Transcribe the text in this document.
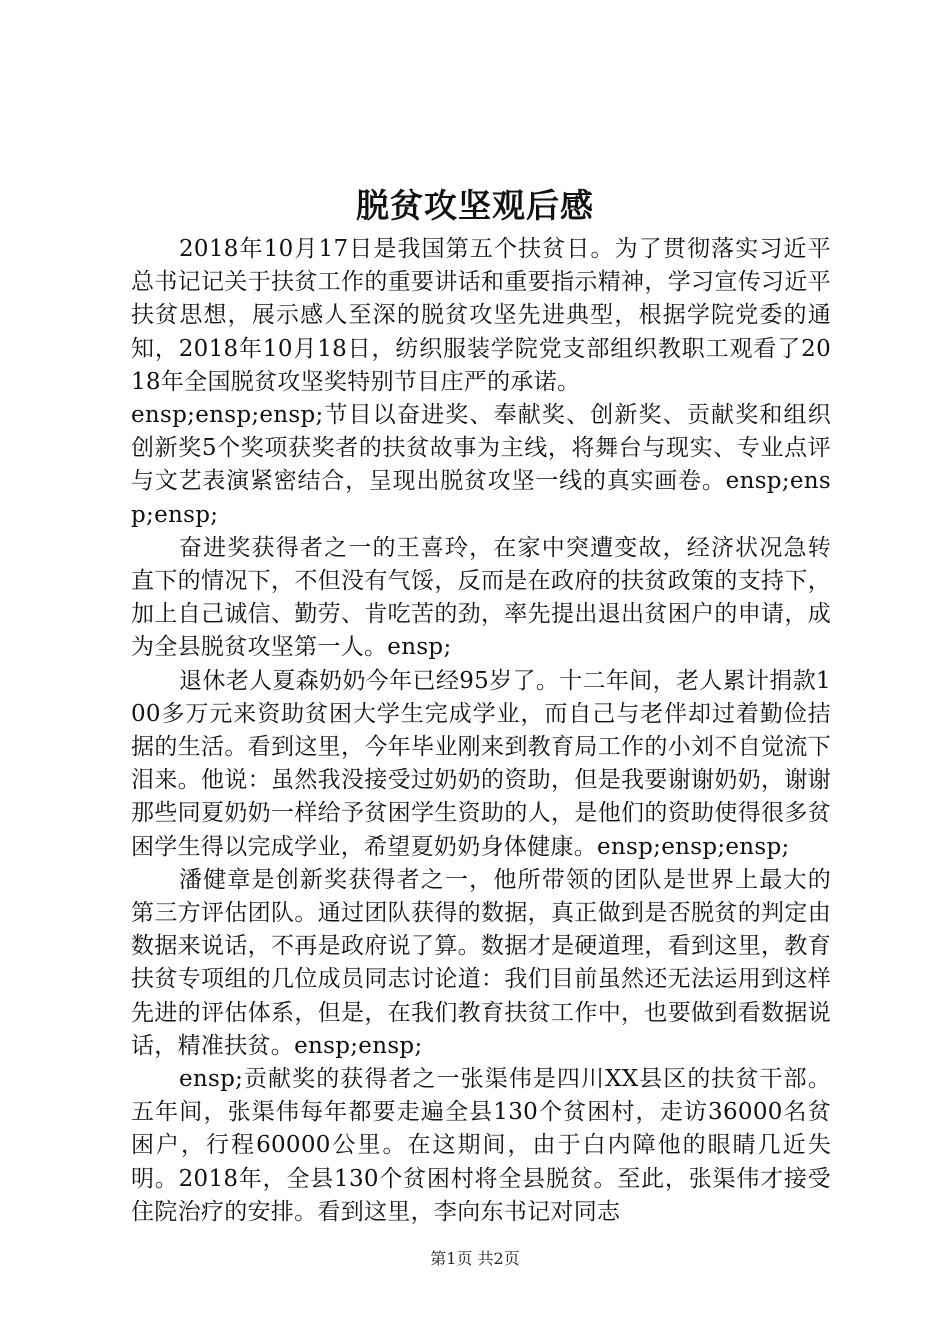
脱贫攻坚观后感

2018年10月17日是我国第五个扶贫日。为了贯彻落实习近平总书记记关于扶贫工作的重要讲话和重要指示精神，学习宣传习近平扶贫思想，展示感人至深的脱贫攻坚先进典型，根据学院党委的通知，2018年10月18日，纺织服装学院党支部组织教职工观看了2018年全国脱贫攻坚奖特别节目庄严的承诺。

ensp;ensp;ensp;节目以奋进奖、奉献奖、创新奖、贡献奖和组织创新奖5个奖项获奖者的扶贫故事为主线，将舞台与现实、专业点评与文艺表演紧密结合，呈现出脱贫攻坚一线的真实画卷。ensp;ensp;ensp;

奋进奖获得者之一的王喜玲，在家中突遭变故，经济状况急转直下的情况下，不但没有气馁，反而是在政府的扶贫政策的支持下，加上自己诚信、勤劳、肯吃苦的劲，率先提出退出贫困户的申请，成为全县脱贫攻坚第一人。ensp;

退休老人夏森奶奶今年已经95岁了。十二年间，老人累计捐款100多万元来资助贫困大学生完成学业，而自己与老伴却过着勤俭拮据的生活。看到这里，今年毕业刚来到教育局工作的小刘不自觉流下泪来。他说：虽然我没接受过奶奶的资助，但是我要谢谢奶奶，谢谢那些同夏奶奶一样给予贫困学生资助的人，是他们的资助使得很多贫困学生得以完成学业，希望夏奶奶身体健康。ensp;ensp;ensp;

潘健章是创新奖获得者之一，他所带领的团队是世界上最大的第三方评估团队。通过团队获得的数据，真正做到是否脱贫的判定由数据来说话，不再是政府说了算。数据才是硬道理，看到这里，教育扶贫专项组的几位成员同志讨论道：我们目前虽然还无法运用到这样先进的评估体系，但是，在我们教育扶贫工作中，也要做到看数据说话，精准扶贫。ensp;ensp;

ensp;贡献奖的获得者之一张渠伟是四川XX县区的扶贫干部。五年间，张渠伟每年都要走遍全县130个贫困村，走访36000名贫困户，行程60000公里。在这期间，由于白内障他的眼睛几近失明。2018年，全县130个贫困村将全县脱贫。至此，张渠伟才接受住院治疗的安排。看到这里，李向东书记对同志

第1页 共2页
